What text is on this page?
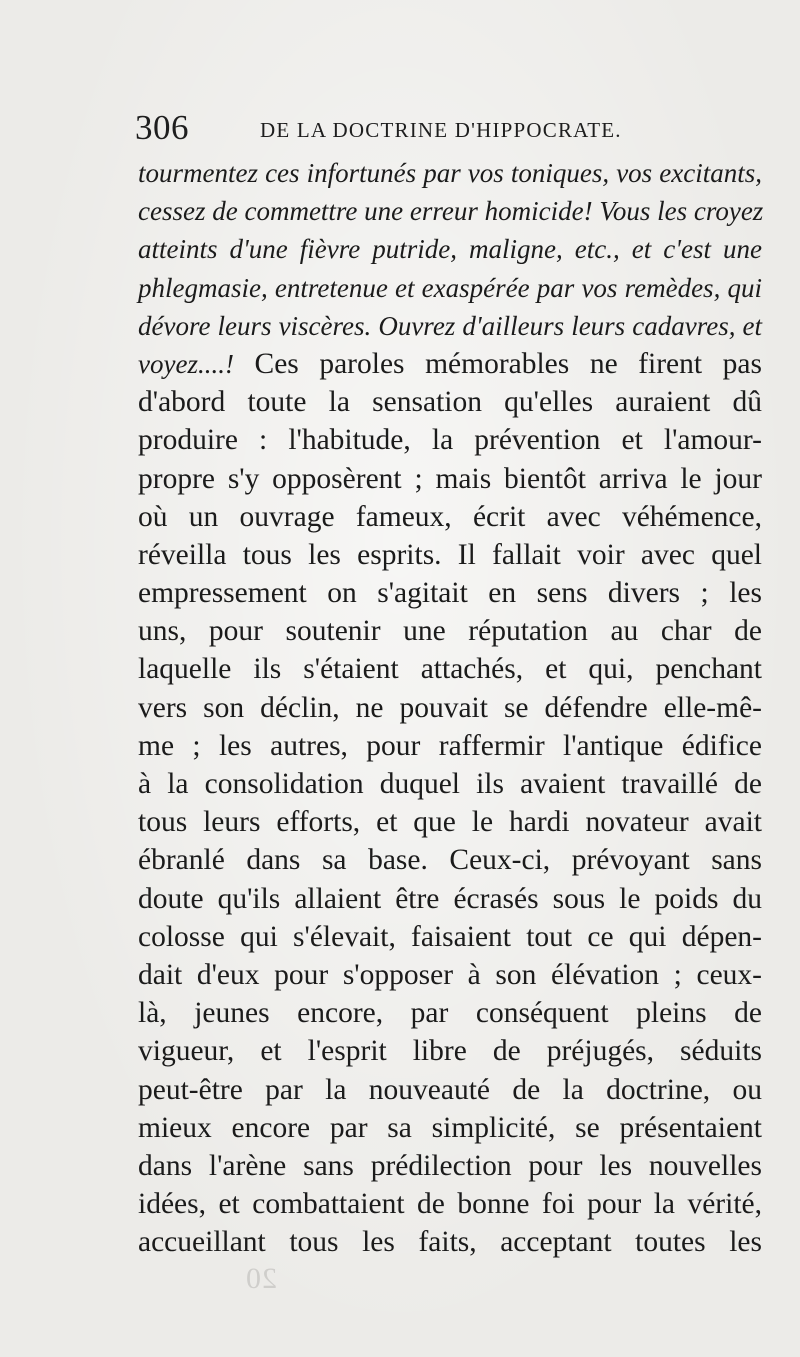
306	DE LA DOCTRINE D'HIPPOCRATE.
tourmentez ces infortunés par vos toniques, vos excitants,
cessez de commettre une erreur homicide! Vous les croyez
atteints d'une fièvre putride, maligne, etc., et c'est une
phlegmasie, entretenue et exaspérée par vos remèdes, qui
dévore leurs viscères. Ouvrez d'ailleurs leurs cadavres, et
voyez....! Ces paroles mémorables ne firent pas
d'abord toute la sensation qu'elles auraient dû
produire : l'habitude, la prévention et l'amour-
propre s'y opposèrent ; mais bientôt arriva le jour
où un ouvrage fameux, écrit avec véhémence,
réveilla tous les esprits. Il fallait voir avec quel
empressement on s'agitait en sens divers ; les
uns, pour soutenir une réputation au char de
laquelle ils s'étaient attachés, et qui, penchant
vers son déclin, ne pouvait se défendre elle-mê-
me ; les autres, pour raffermir l'antique édifice
à la consolidation duquel ils avaient travaillé de
tous leurs efforts, et que le hardi novateur avait
ébranlé dans sa base. Ceux-ci, prévoyant sans
doute qu'ils allaient être écrasés sous le poids du
colosse qui s'élevait, faisaient tout ce qui dépen-
dait d'eux pour s'opposer à son élévation ; ceux-
là, jeunes encore, par conséquent pleins de
vigueur, et l'esprit libre de préjugés, séduits
peut-être par la nouveauté de la doctrine, ou
mieux encore par sa simplicité, se présentaient
dans l'arène sans prédilection pour les nouvelles
idées, et combattaient de bonne foi pour la vérité,
accueillant tous les faits, acceptant toutes les
20
